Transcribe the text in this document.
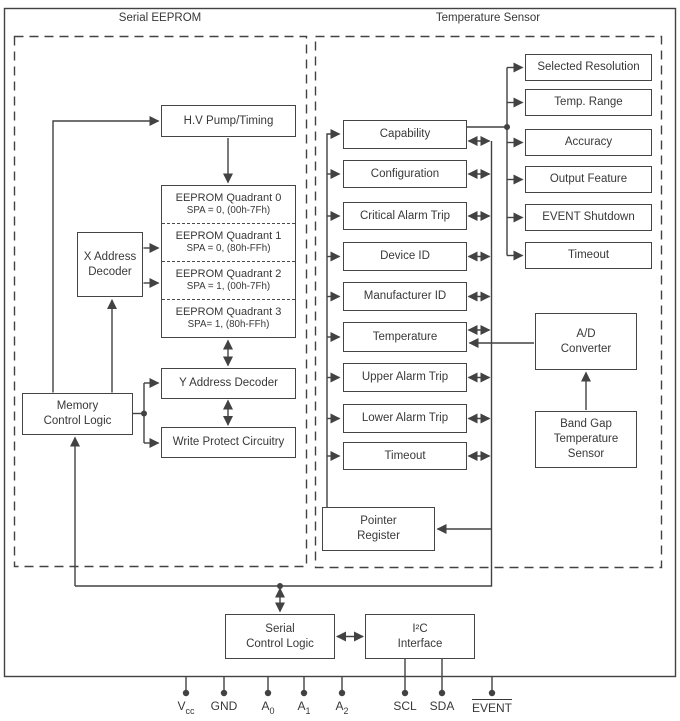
Serial EEPROM	Temperature Sensor
H.V Pump/Timing
EEPROM Quadrant 0
SPA = 0, (00h-7Fh)
EEPROM Quadrant 1
SPA = 0, (80h-FFh)
EEPROM Quadrant 2
SPA = 1, (00h-7Fh)
EEPROM Quadrant 3
SPA= 1, (80h-FFh)
X Address
Decoder
Y Address Decoder
Write Protect Circuitry
Memory
Control Logic
Capability
Configuration
Critical Alarm Trip
Device ID
Manufacturer ID
Temperature
Upper Alarm Trip
Lower Alarm Trip
Timeout
Pointer
Register
Selected Resolution
Temp. Range
Accuracy
Output Feature
EVENT Shutdown
Timeout
A/D
Converter
Band Gap
Temperature
Sensor
Serial
Control Logic
I²C
Interface
$V_{cc}$ GND $A_0$ $A_1$ $A_2$	SCL SDA EVENT
